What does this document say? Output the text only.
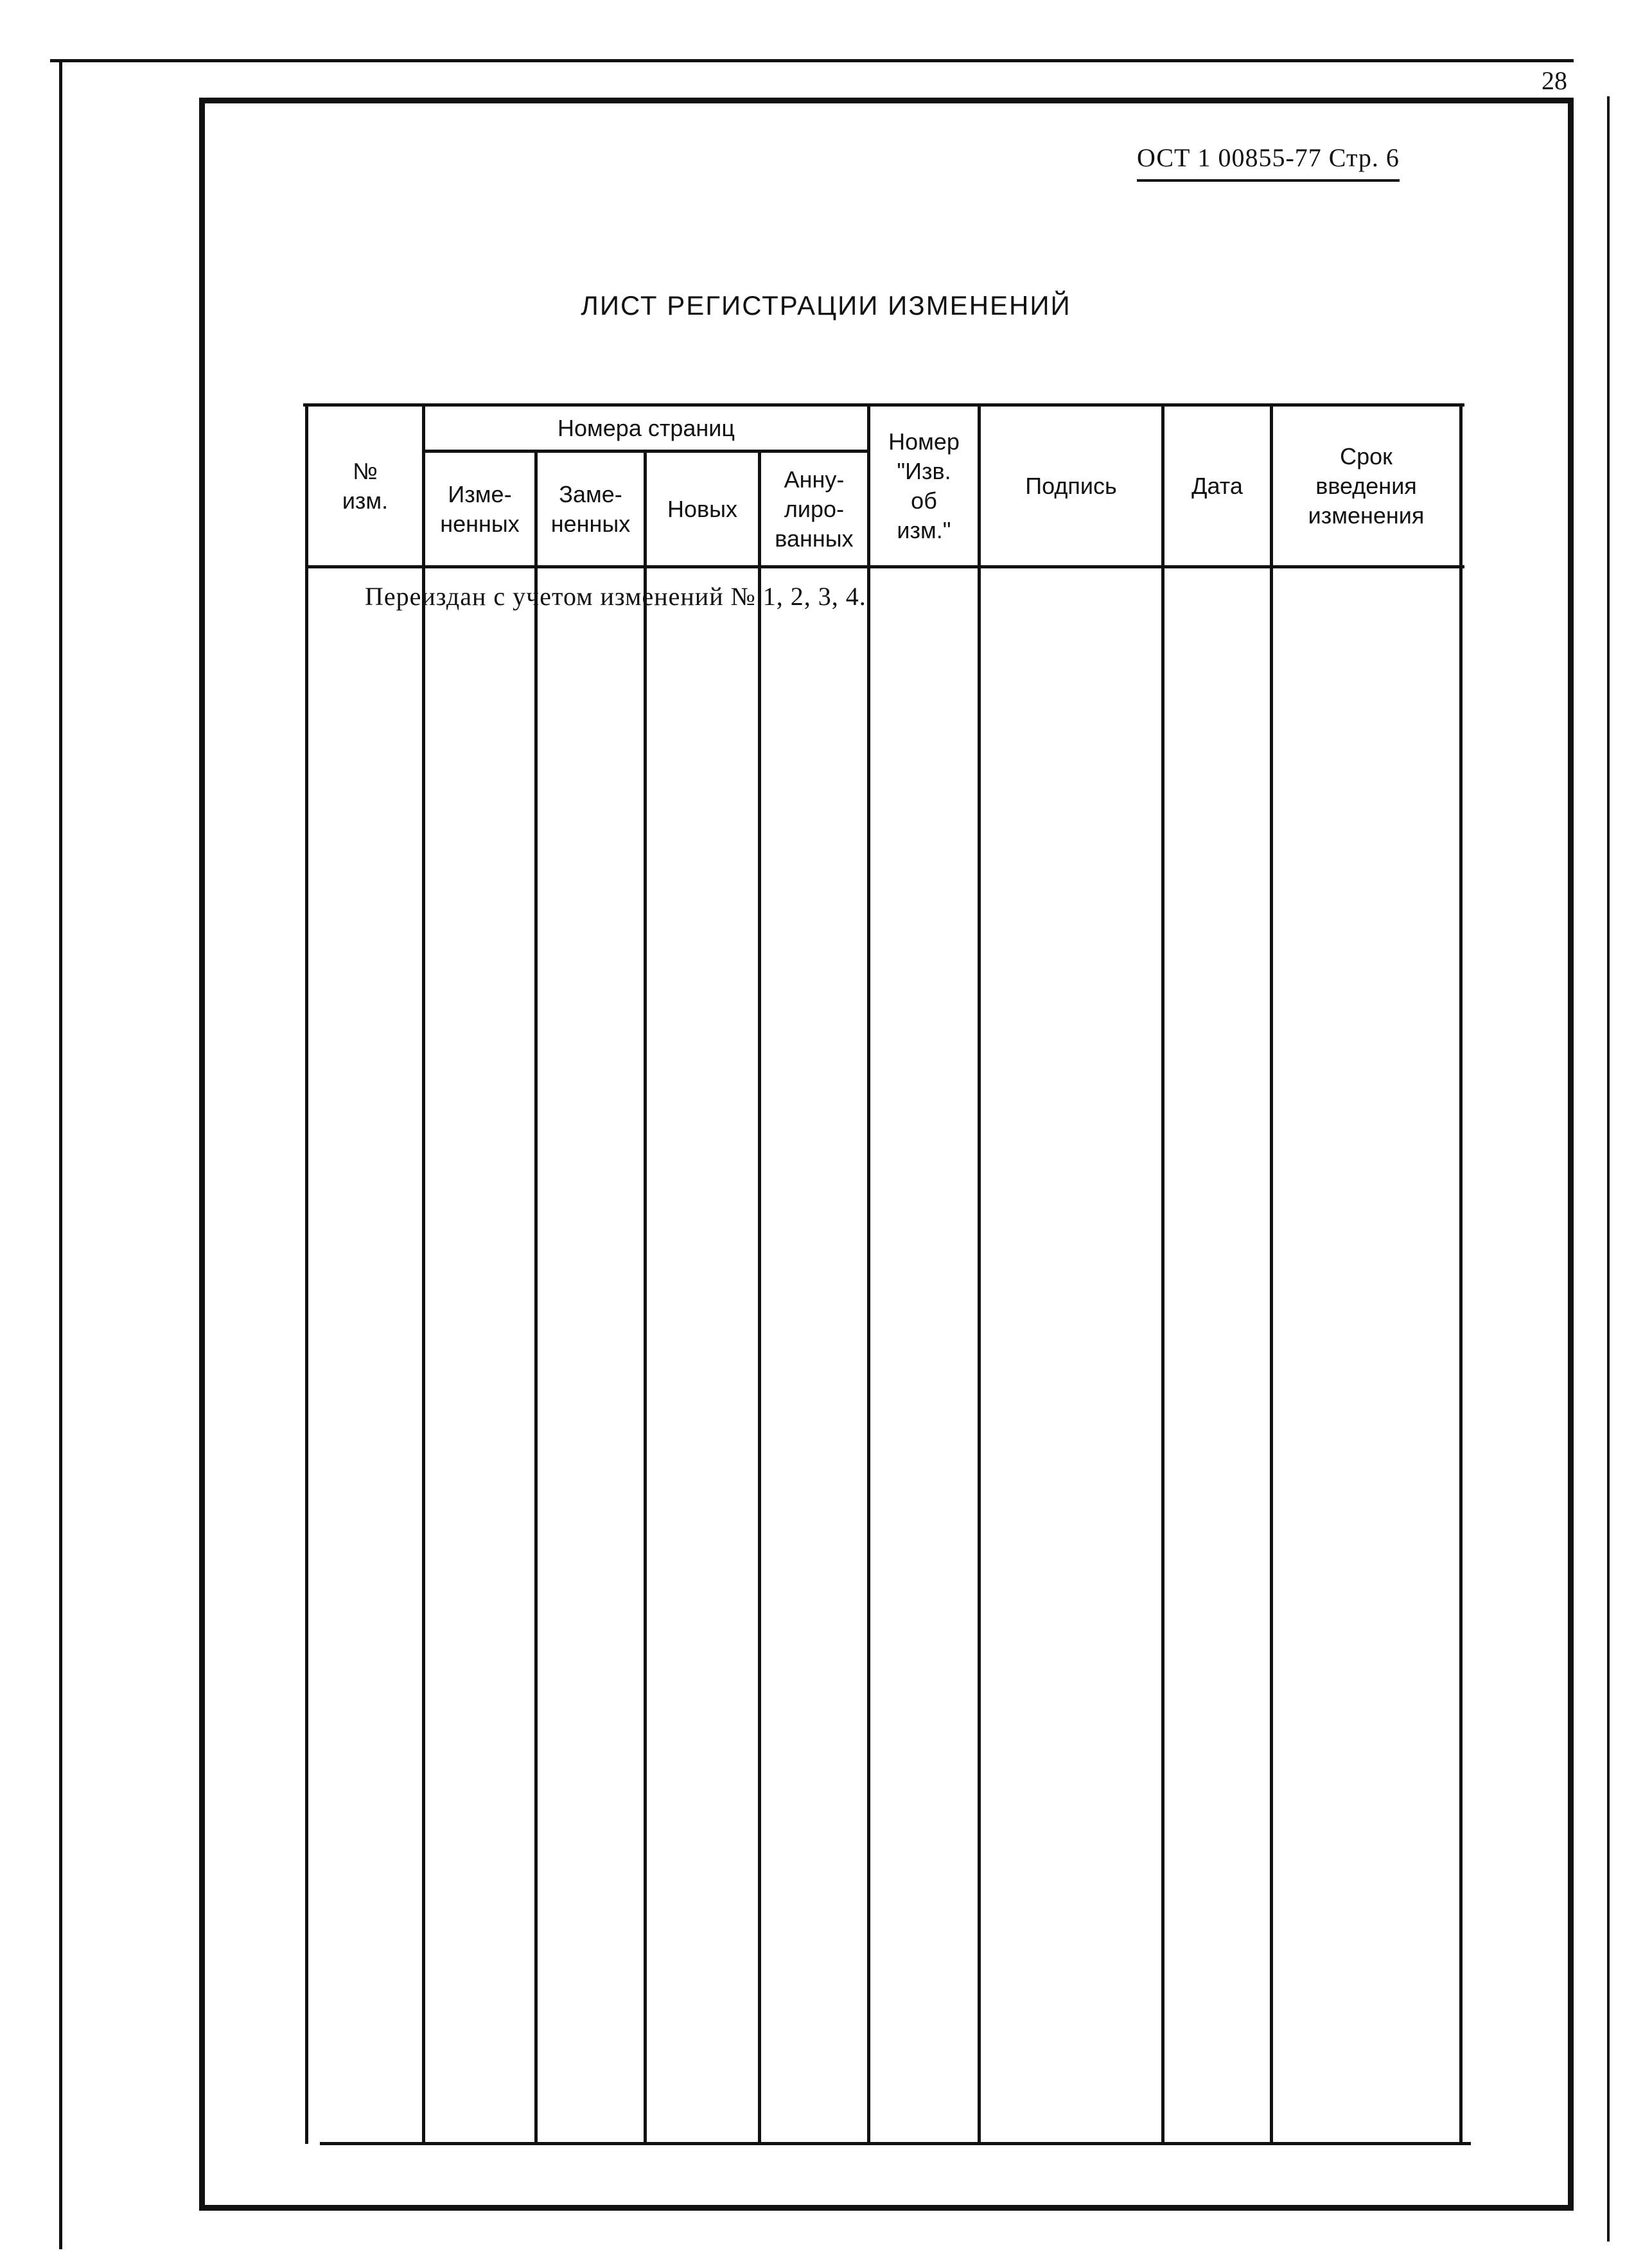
28
ОСТ 1 00855-77 Стр. 6
ЛИСТ РЕГИСТРАЦИИ ИЗМЕНЕНИЙ
№
изм.
Номера страниц
Изме-
ненных
Заме-
ненных
Новых
Анну-
лиро-
ванных
Номер
"Изв.
об
изм."
Подпись	Дата
Срок
введения
изменения
Переиздан с учетом изменений № 1, 2, 3, 4.
